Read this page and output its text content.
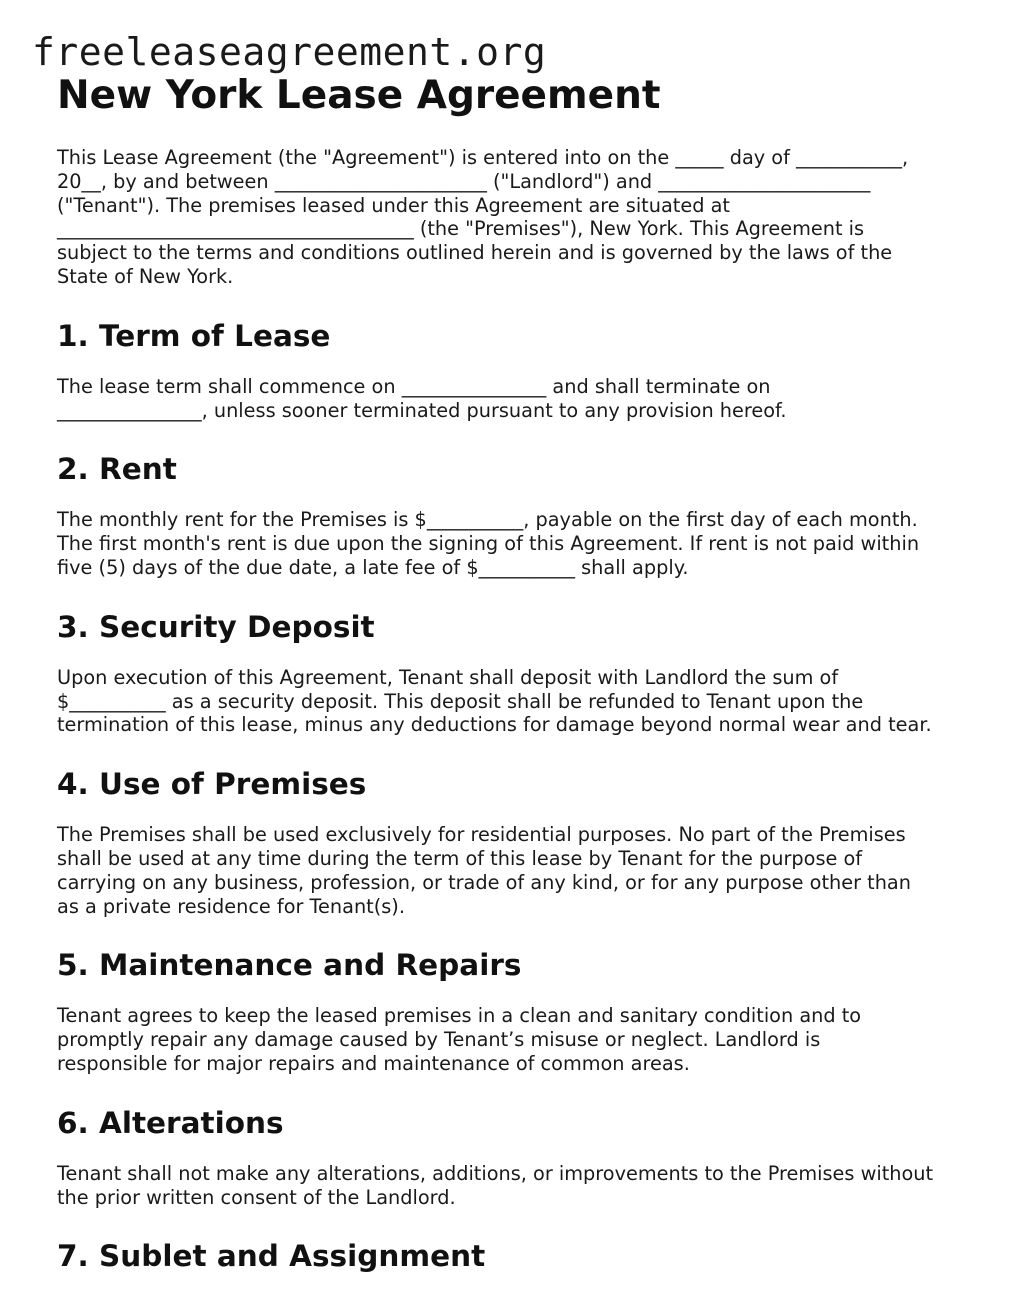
freeleaseagreement.org
New York Lease Agreement

This Lease Agreement (the "Agreement") is entered into on the _____ day of ___________,
20__, by and between ______________________ ("Landlord") and ______________________
("Tenant"). The premises leased under this Agreement are situated at
_____________________________________ (the "Premises"), New York. This Agreement is
subject to the terms and conditions outlined herein and is governed by the laws of the
State of New York.

1. Term of Lease

The lease term shall commence on _______________ and shall terminate on
_______________, unless sooner terminated pursuant to any provision hereof.

2. Rent

The monthly rent for the Premises is $__________, payable on the first day of each month.
The first month's rent is due upon the signing of this Agreement. If rent is not paid within
five (5) days of the due date, a late fee of $__________ shall apply.

3. Security Deposit

Upon execution of this Agreement, Tenant shall deposit with Landlord the sum of
$__________ as a security deposit. This deposit shall be refunded to Tenant upon the
termination of this lease, minus any deductions for damage beyond normal wear and tear.

4. Use of Premises

The Premises shall be used exclusively for residential purposes. No part of the Premises
shall be used at any time during the term of this lease by Tenant for the purpose of
carrying on any business, profession, or trade of any kind, or for any purpose other than
as a private residence for Tenant(s).

5. Maintenance and Repairs

Tenant agrees to keep the leased premises in a clean and sanitary condition and to
promptly repair any damage caused by Tenant’s misuse or neglect. Landlord is
responsible for major repairs and maintenance of common areas.

6. Alterations

Tenant shall not make any alterations, additions, or improvements to the Premises without
the prior written consent of the Landlord.

7. Sublet and Assignment
